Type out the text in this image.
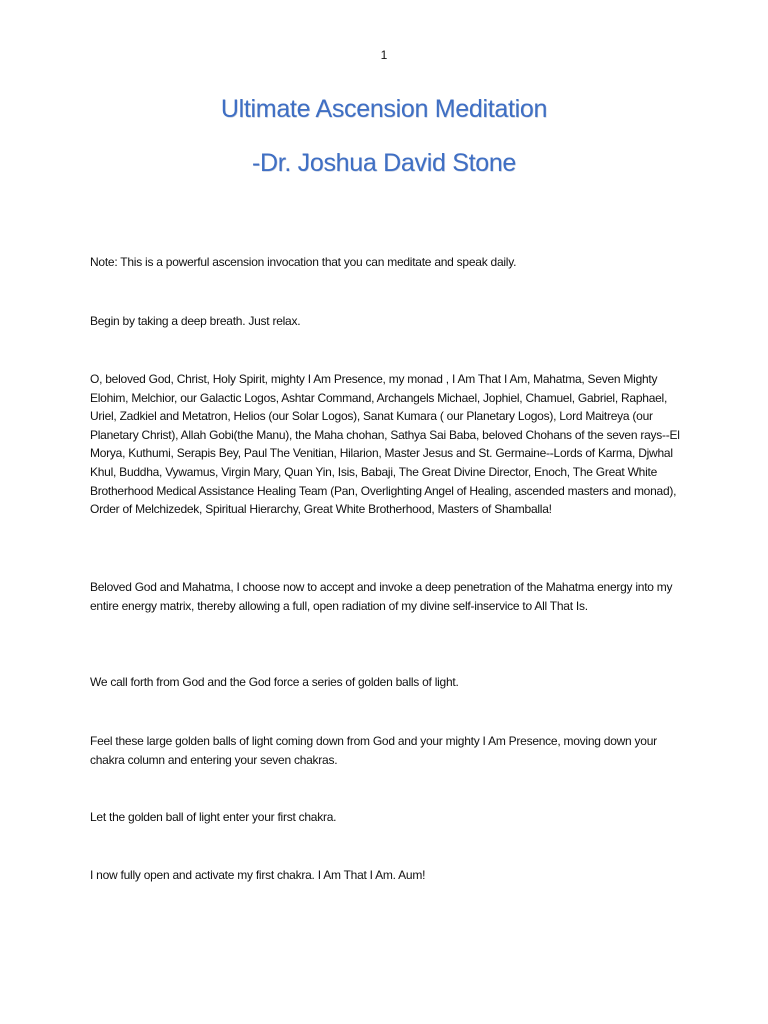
1
Ultimate Ascension Meditation
-Dr. Joshua David Stone

Note: This is a powerful ascension invocation that you can meditate and speak daily.

Begin by taking a deep breath. Just relax.

O, beloved God, Christ, Holy Spirit, mighty I Am Presence, my monad , I Am That I Am, Mahatma, Seven Mighty Elohim, Melchior, our Galactic Logos, Ashtar Command, Archangels Michael, Jophiel, Chamuel, Gabriel, Raphael, Uriel, Zadkiel and Metatron, Helios (our Solar Logos), Sanat Kumara ( our Planetary Logos), Lord Maitreya (our Planetary Christ), Allah Gobi(the Manu), the Maha chohan, Sathya Sai Baba, beloved Chohans of the seven rays--El Morya, Kuthumi, Serapis Bey, Paul The Venitian, Hilarion, Master Jesus and St. Germaine--Lords of Karma, Djwhal Khul, Buddha, Vywamus, Virgin Mary, Quan Yin, Isis, Babaji, The Great Divine Director, Enoch, The Great White Brotherhood Medical Assistance Healing Team (Pan, Overlighting Angel of Healing, ascended masters and monad), Order of Melchizedek, Spiritual Hierarchy, Great White Brotherhood, Masters of Shamballa!

Beloved God and Mahatma, I choose now to accept and invoke a deep penetration of the Mahatma energy into my entire energy matrix, thereby allowing a full, open radiation of my divine self-inservice to All That Is.

We call forth from God and the God force a series of golden balls of light.

Feel these large golden balls of light coming down from God and your mighty I Am Presence, moving down your chakra column and entering your seven chakras.

Let the golden ball of light enter your first chakra.

I now fully open and activate my first chakra. I Am That I Am. Aum!
